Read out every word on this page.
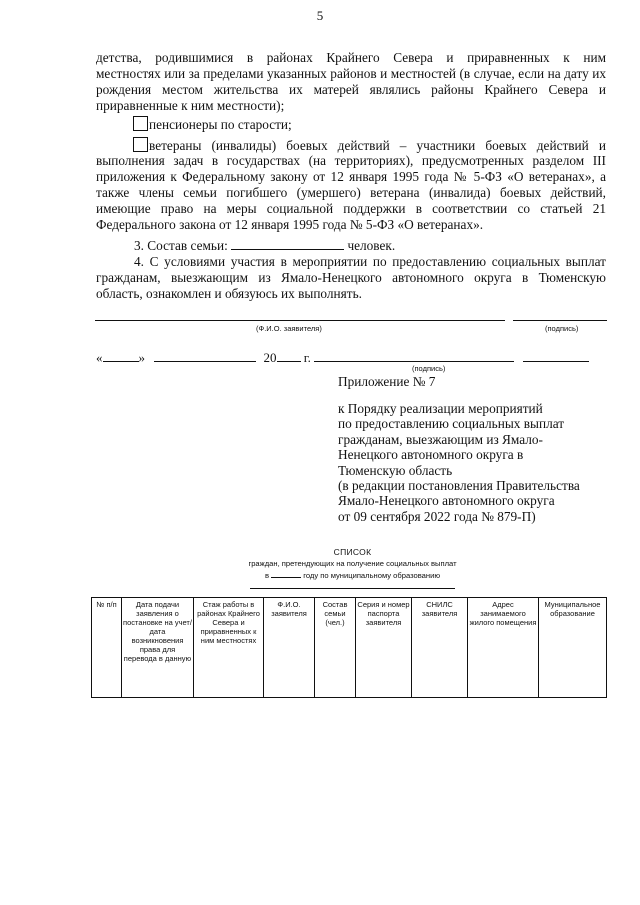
5
детства, родившимися в районах Крайнего Севера и приравненных к ним
местностях или за пределами указанных районов и местностей (в случае, если на дату их рождения местом жительства их матерей являлись районы Крайнего Севера и приравненные к ним местности);
пенсионеры по старости;
ветераны (инвалиды) боевых действий – участники боевых действий и
выполнения задач в государствах (на территориях), предусмотренных разделом III приложения к Федеральному закону от 12 января 1995 года № 5-ФЗ «О ветеранах», а также члены семьи погибшего (умершего) ветерана (инвалида) боевых действий, имеющие право на меры социальной поддержки в соответствии со статьей 21 Федерального закона от 12 января 1995 года № 5-ФЗ «О ветеранах».
3. Состав семьи:	человек.
4. С условиями участия в мероприятии по предоставлению социальных выплат гражданам, выезжающим из Ямало-Ненецкого автономного округа в Тюменскую область, ознакомлен и обязуюсь их выполнять.
(Ф.И.О. заявителя)	(подпись)
«	»	20 г.
(подпись)
Приложение № 7
к Порядку реализации мероприятий
по предоставлению социальных выплат
гражданам, выезжающим из Ямало-
Ненецкого автономного округа в
Тюменскую область
(в редакции постановления Правительства
Ямало-Ненецкого автономного округа
от 09 сентября 2022 года № 879-П)
СПИСОК
граждан, претендующих на получение социальных выплат
в	году по муниципальному образованию
№ п/п	Дата подачи заявления о постановке на учет/ дата возникновения права для перевода в данную	Стаж работы в районах Крайнего Севера и приравненных к ним местностях	Ф.И.О. заявителя	Состав семьи (чел.)	Серия и номер паспорта заявителя	СНИЛС заявителя	Адрес занимаемого жилого помещения	Муниципальное образование
